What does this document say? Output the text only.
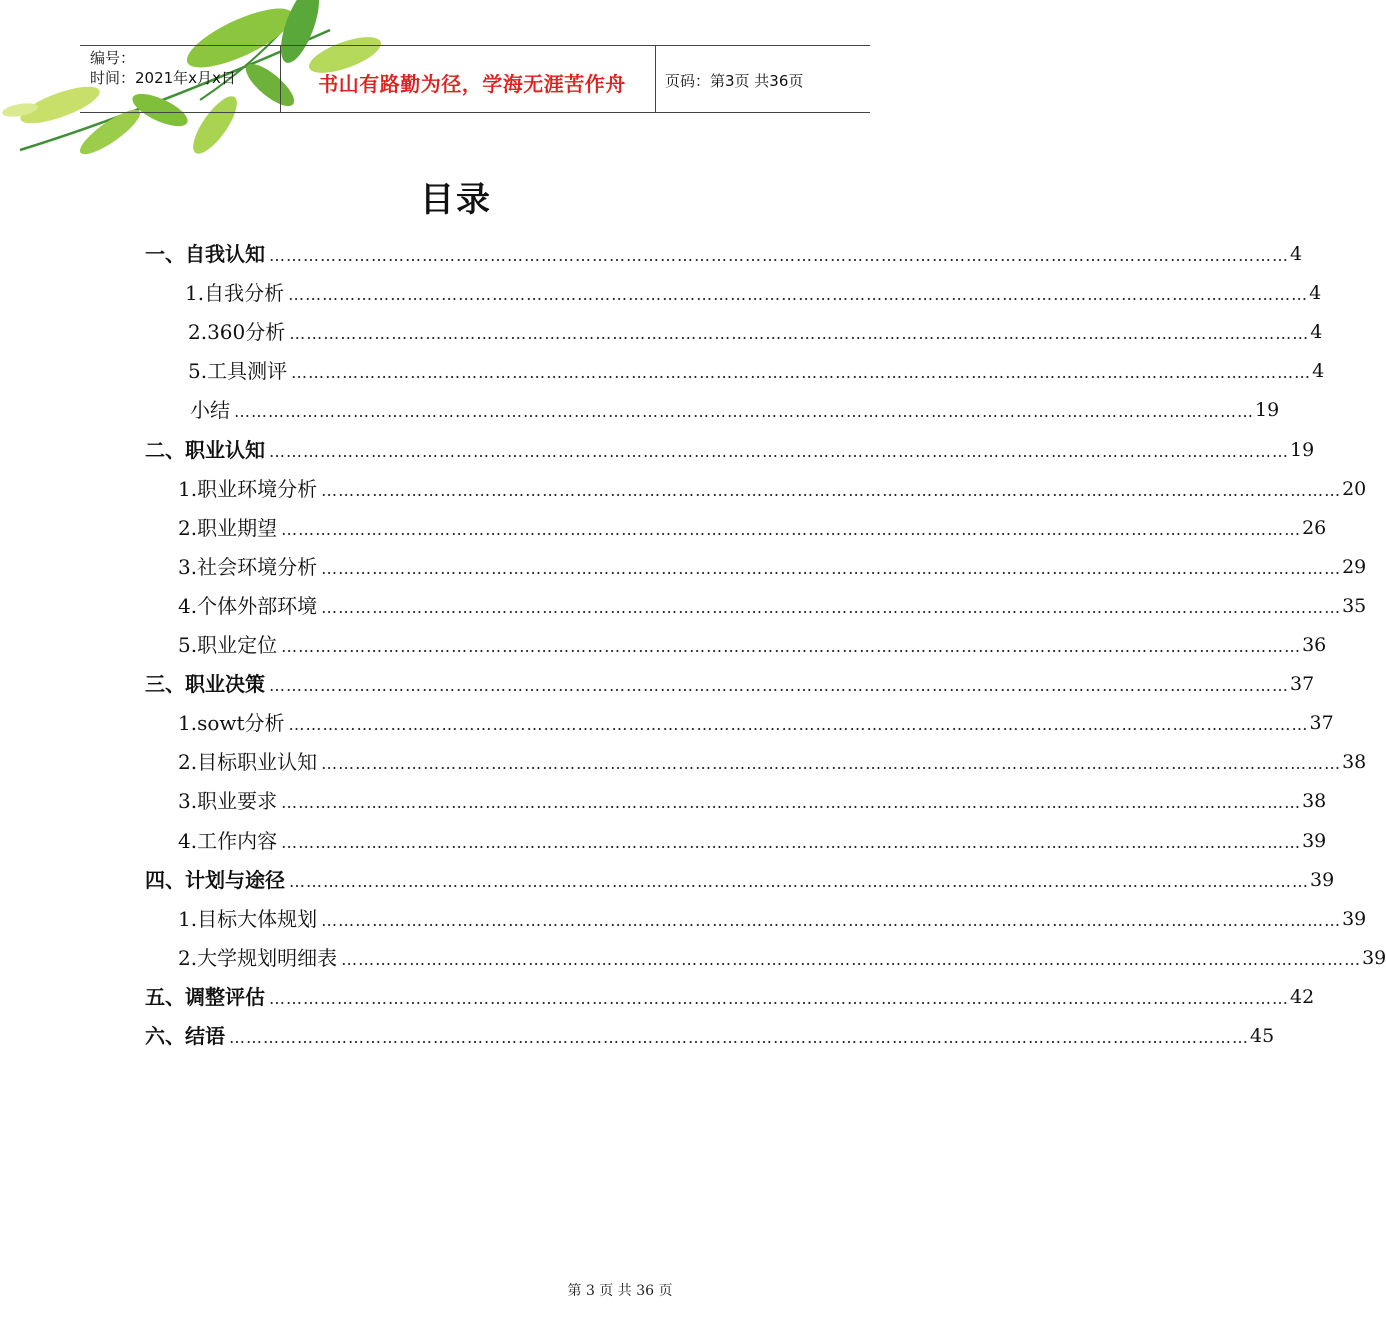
编号：
时间：2021年x月x日	书山有路勤为径，学海无涯苦作舟	页码：第3页 共36页
目录
一、自我认知 ……………………………………………………………………………………………………………………………………………………………… 4
1.自我分析 ……………………………………………………………………………………………………………………………………………………………… 4
2.360分析 ……………………………………………………………………………………………………………………………………………………………… 4
5.工具测评 ……………………………………………………………………………………………………………………………………………………………… 4
小结 ……………………………………………………………………………………………………………………………………………………………… 19
二、职业认知 ……………………………………………………………………………………………………………………………………………………………… 19
1.职业环境分析 ……………………………………………………………………………………………………………………………………………………………… 20
2.职业期望 ……………………………………………………………………………………………………………………………………………………………… 26
3.社会环境分析 ……………………………………………………………………………………………………………………………………………………………… 29
4.个体外部环境 ……………………………………………………………………………………………………………………………………………………………… 35
5.职业定位 ……………………………………………………………………………………………………………………………………………………………… 36
三、职业决策 ……………………………………………………………………………………………………………………………………………………………… 37
1.sowt分析 ……………………………………………………………………………………………………………………………………………………………… 37
2.目标职业认知 ……………………………………………………………………………………………………………………………………………………………… 38
3.职业要求 ……………………………………………………………………………………………………………………………………………………………… 38
4.工作内容 ……………………………………………………………………………………………………………………………………………………………… 39
四、计划与途径 ……………………………………………………………………………………………………………………………………………………………… 39
1.目标大体规划 ……………………………………………………………………………………………………………………………………………………………… 39
2.大学规划明细表 ……………………………………………………………………………………………………………………………………………………………… 39
五、调整评估 ……………………………………………………………………………………………………………………………………………………………… 42
六、结语 ……………………………………………………………………………………………………………………………………………………………… 45
第 3 页 共 36 页
